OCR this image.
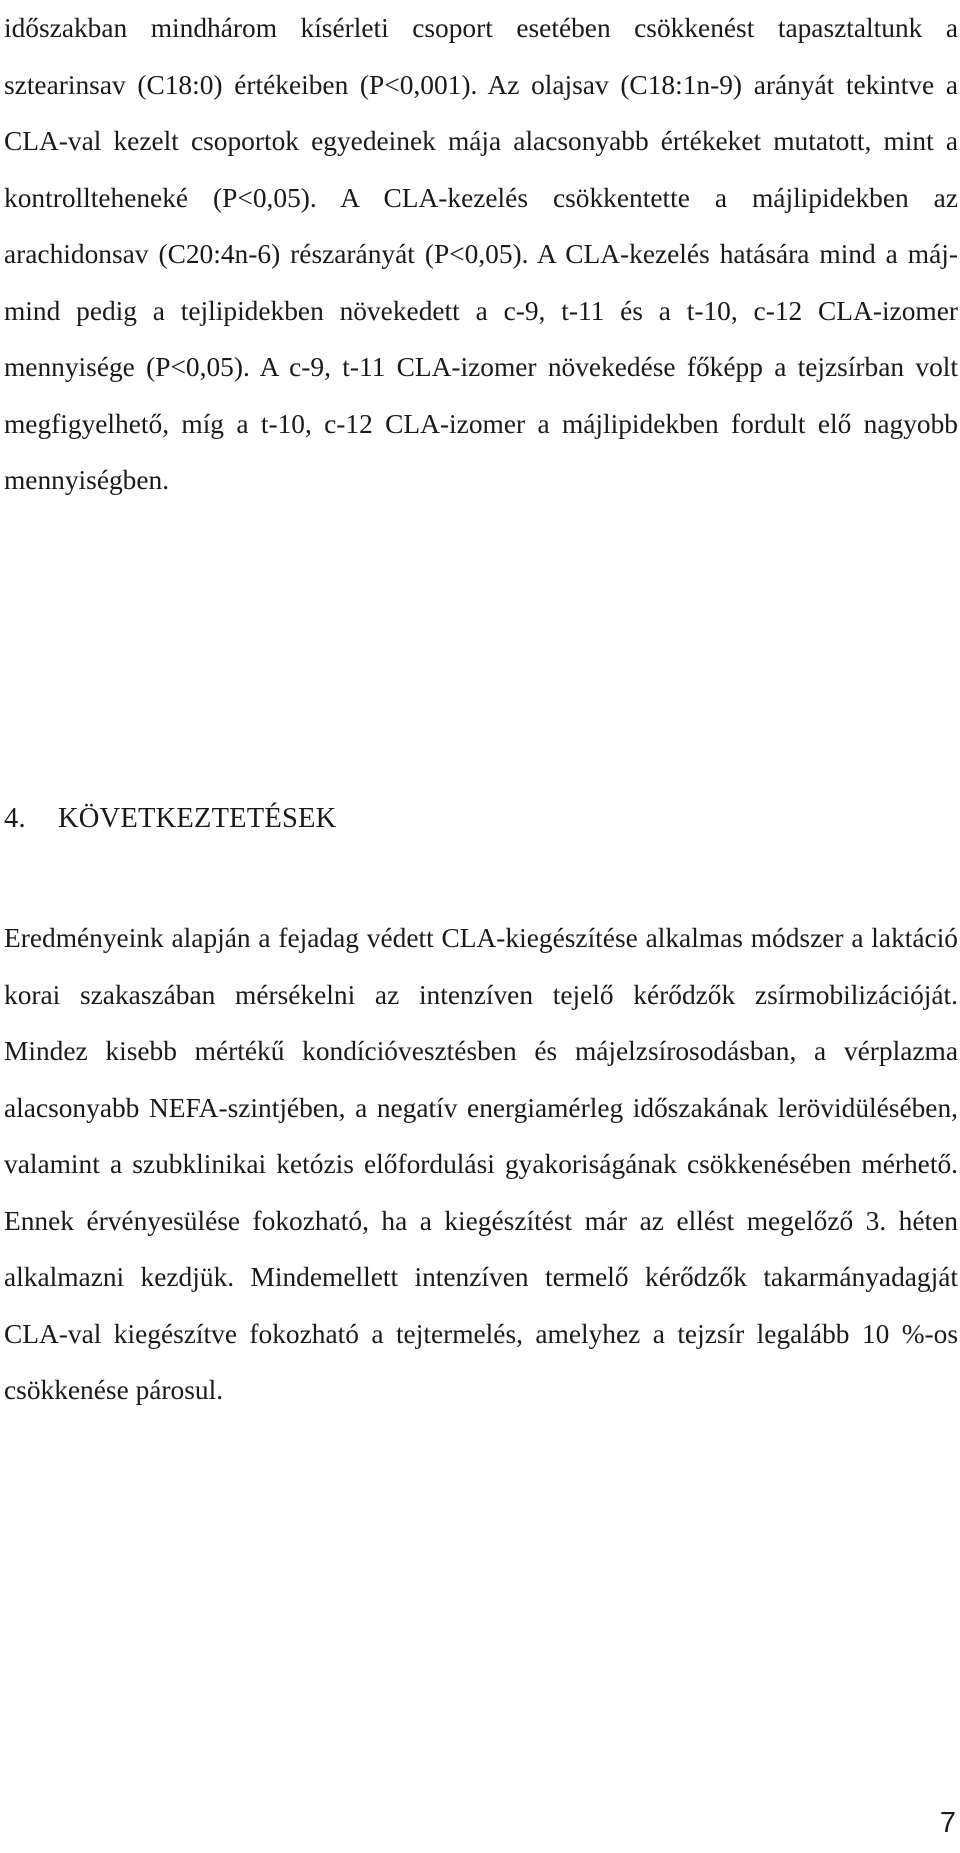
időszakban mindhárom kísérleti csoport esetében csökkenést tapasztaltunk a sztearinsav (C18:0) értékeiben (P<0,001). Az olajsav (C18:1n-9) arányát tekintve a CLA-val kezelt csoportok egyedeinek mája alacsonyabb értékeket mutatott, mint a kontrollteheneké (P<0,05). A CLA-kezelés csökkentette a májlipidekben az arachidonsav (C20:4n-6) részarányát (P<0,05). A CLA-kezelés hatására mind a máj- mind pedig a tejlipidekben növekedett a c-9, t-11 és a t-10, c-12 CLA-izomer mennyisége (P<0,05). A c-9, t-11 CLA-izomer növekedése főképp a tejzsírban volt megfigyelhető, míg a t-10, c-12 CLA-izomer a májlipidekben fordult elő nagyobb mennyiségben.

4. KÖVETKEZTETÉSEK

Eredményeink alapján a fejadag védett CLA-kiegészítése alkalmas módszer a laktáció korai szakaszában mérsékelni az intenzíven tejelő kérődzők zsírmobilizációját. Mindez kisebb mértékű kondícióvesztésben és májelzsírosodásban, a vérplazma alacsonyabb NEFA-szintjében, a negatív energiamérleg időszakának lerövidülésében, valamint a szubklinikai ketózis előfordulási gyakoriságának csökkenésében mérhető. Ennek érvényesülése fokozható, ha a kiegészítést már az ellést megelőző 3. héten alkalmazni kezdjük. Mindemellett intenzíven termelő kérődzők takarmányadagját CLA-val kiegészítve fokozható a tejtermelés, amelyhez a tejzsír legalább 10 %-os csökkenése párosul.

7
